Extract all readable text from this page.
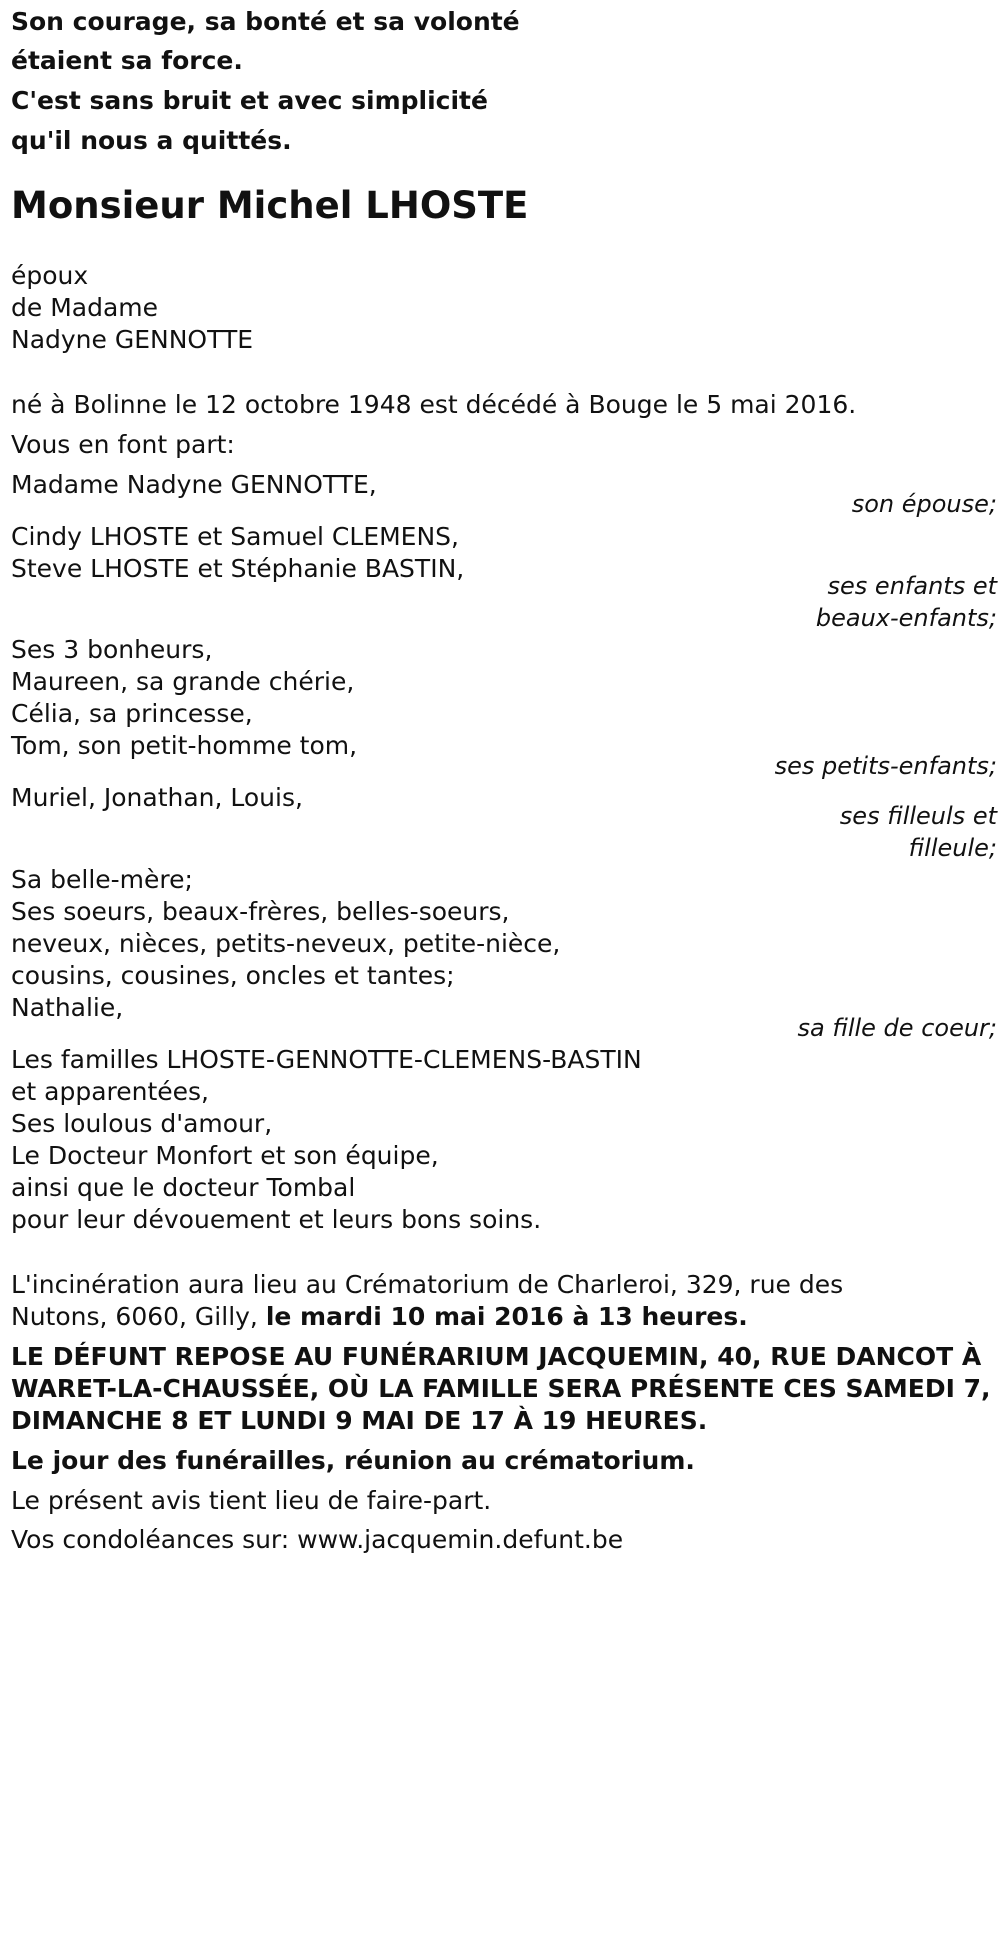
Son courage, sa bonté et sa volonté
étaient sa force.
C'est sans bruit et avec simplicité
qu'il nous a quittés.
Monsieur Michel LHOSTE
époux
de Madame
Nadyne GENNOTTE
né à Bolinne le 12 octobre 1948 est décédé à Bouge le 5 mai 2016.
Vous en font part:
Madame Nadyne GENNOTTE,
son épouse;
Cindy LHOSTE et Samuel CLEMENS,
Steve LHOSTE et Stéphanie BASTIN,
ses enfants et
beaux-enfants;
Ses 3 bonheurs,
Maureen, sa grande chérie,
Célia, sa princesse,
Tom, son petit-homme tom,
ses petits-enfants;
Muriel, Jonathan, Louis,
ses filleuls et
filleule;
Sa belle-mère;
Ses soeurs, beaux-frères, belles-soeurs,
neveux, nièces, petits-neveux, petite-nièce,
cousins, cousines, oncles et tantes;
Nathalie,
sa fille de coeur;
Les familles LHOSTE-GENNOTTE-CLEMENS-BASTIN
et apparentées,
Ses loulous d'amour,
Le Docteur Monfort et son équipe,
ainsi que le docteur Tombal
pour leur dévouement et leurs bons soins.
L'incinération aura lieu au Crématorium de Charleroi, 329, rue des
Nutons, 6060, Gilly, le mardi 10 mai 2016 à 13 heures.
LE DÉFUNT REPOSE AU FUNÉRARIUM JACQUEMIN, 40, RUE DANCOT À
WARET-LA-CHAUSSÉE, OÙ LA FAMILLE SERA PRÉSENTE CES SAMEDI 7,
DIMANCHE 8 ET LUNDI 9 MAI DE 17 À 19 HEURES.
Le jour des funérailles, réunion au crématorium.
Le présent avis tient lieu de faire-part.
Vos condoléances sur: www.jacquemin.defunt.be
